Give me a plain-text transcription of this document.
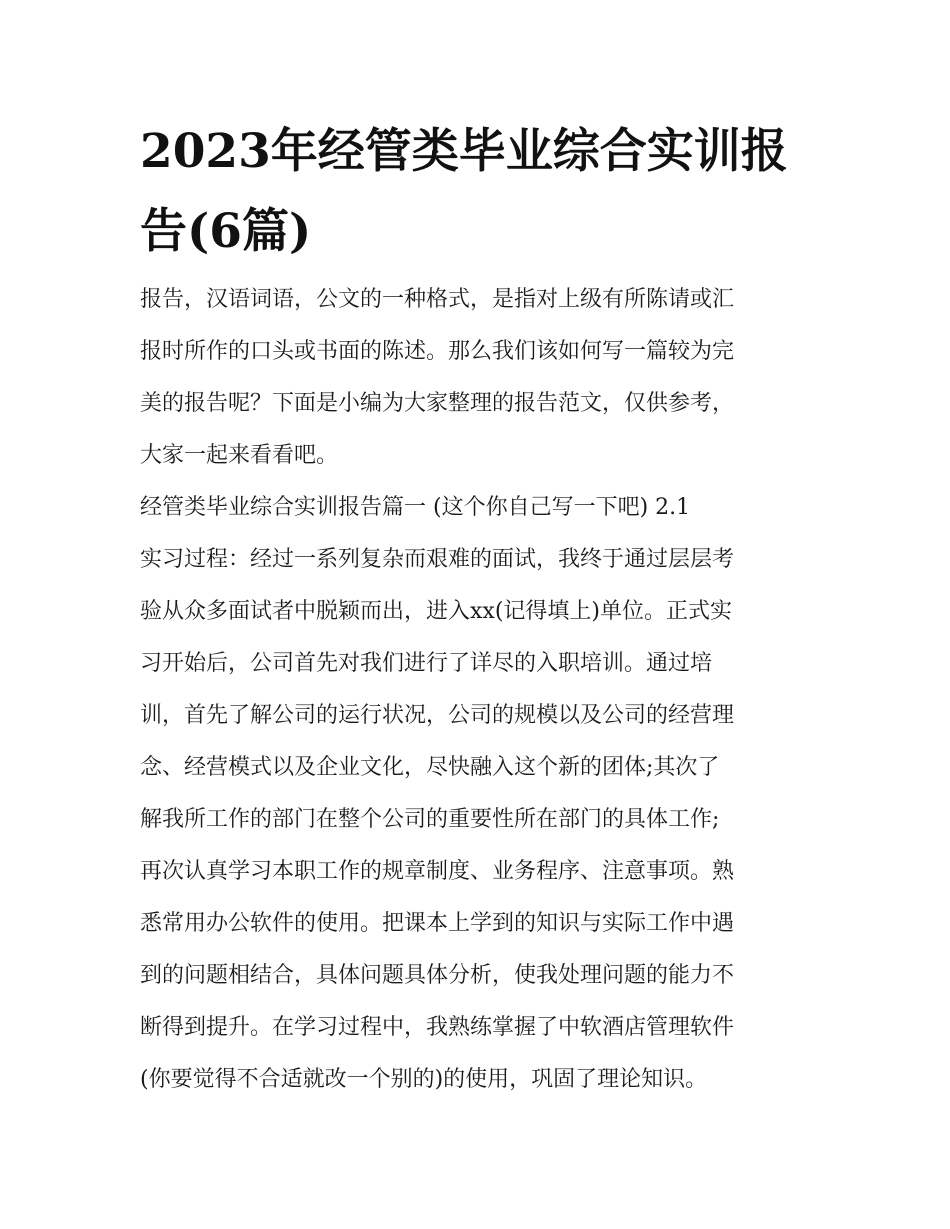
2023年经管类毕业综合实训报
告(6篇)

报告，汉语词语，公文的一种格式，是指对上级有所陈请或汇
报时所作的口头或书面的陈述。那么我们该如何写一篇较为完
美的报告呢？下面是小编为大家整理的报告范文，仅供参考，
大家一起来看看吧。

经管类毕业综合实训报告篇一 (这个你自己写一下吧) 2.1

实习过程：经过一系列复杂而艰难的面试，我终于通过层层考
验从众多面试者中脱颖而出，进入xx(记得填上)单位。正式实
习开始后，公司首先对我们进行了详尽的入职培训。通过培
训，首先了解公司的运行状况，公司的规模以及公司的经营理
念、经营模式以及企业文化，尽快融入这个新的团体;其次了
解我所工作的部门在整个公司的重要性所在部门的具体工作;
再次认真学习本职工作的规章制度、业务程序、注意事项。熟
悉常用办公软件的使用。把课本上学到的知识与实际工作中遇
到的问题相结合，具体问题具体分析，使我处理问题的能力不
断得到提升。在学习过程中，我熟练掌握了中软酒店管理软件
(你要觉得不合适就改一个别的)的使用，巩固了理论知识。
